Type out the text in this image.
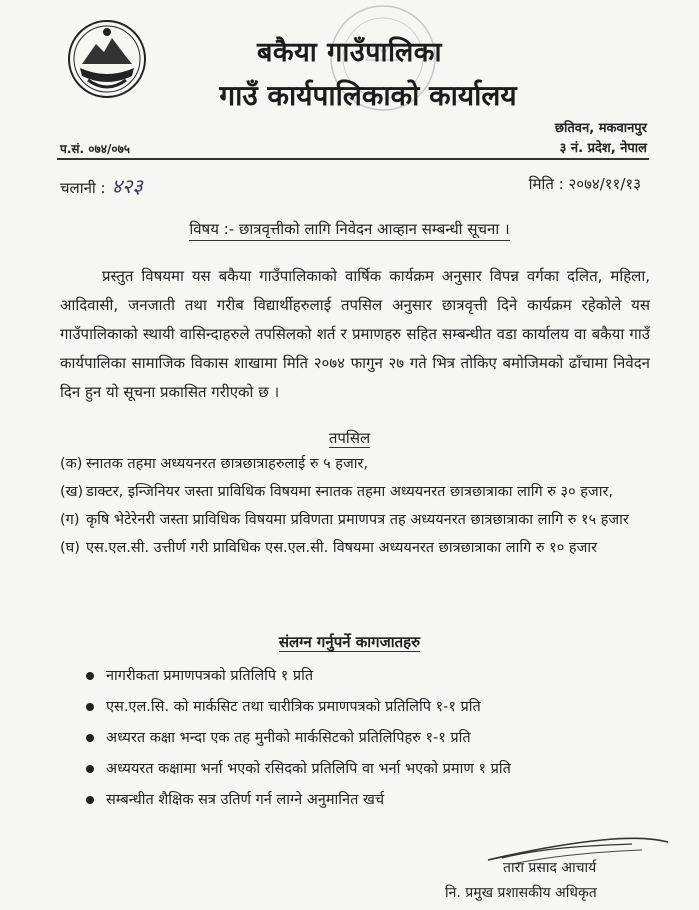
बकैया गाउँपालिका
गाउँ कार्यपालिकाको कार्यालय
छतिवन, मकवानपुर
प.सं. ०७४/०७५	३ नं. प्रदेश, नेपाल
चलानी : ४२३	मिति : २०७४/११/१३
विषय :- छात्रवृत्तीको लागि निवेदन आव्हान सम्बन्धी सूचना ।

प्रस्तुत विषयमा यस बकैया गाउँपालिकाको वार्षिक कार्यक्रम अनुसार विपन्न वर्गका दलित, महिला, आदिवासी, जनजाती तथा गरीब विद्यार्थीहरुलाई तपसिल अनुसार छात्रवृत्ती दिने कार्यक्रम रहेकोले यस गाउँपालिकाको स्थायी वासिन्दाहरुले तपसिलको शर्त र प्रमाणहरु सहित सम्बन्धीत वडा कार्यालय वा बकैया गाउँ कार्यपालिका सामाजिक विकास शाखामा मिति २०७४ फागुन २७ गते भित्र तोकिए बमोजिमको ढाँचामा निवेदन दिन हुन यो सूचना प्रकासित गरीएको छ ।

तपसिल
(क) स्नातक तहमा अध्ययनरत छात्रछात्राहरुलाई रु ५ हजार,
(ख) डाक्टर, इन्जिनियर जस्ता प्राविधिक विषयमा स्नातक तहमा अध्ययनरत छात्रछात्राका लागि रु ३० हजार,
(ग) कृषि भेटेरेनरी जस्ता प्राविधिक विषयमा प्रविणता प्रमाणपत्र तह अध्ययनरत छात्रछात्राका लागि रु १५ हजार
(घ) एस.एल.सी. उत्तीर्ण गरी प्राविधिक एस.एल.सी. विषयमा अध्ययनरत छात्रछात्राका लागि रु १० हजार
संलग्न गर्नुपर्ने कागजातहरु
नागरीकता प्रमाणपत्रको प्रतिलिपि १ प्रति
एस.एल.सि. को मार्कसिट तथा चारीत्रिक प्रमाणपत्रको प्रतिलिपि १-१ प्रति
अध्यरत कक्षा भन्दा एक तह मुनीको मार्कसिटको प्रतिलिपिहरु १-१ प्रति
अध्ययरत कक्षामा भर्ना भएको रसिदको प्रतिलिपि वा भर्ना भएको प्रमाण १ प्रति
सम्बन्धीत शैक्षिक सत्र उतिर्ण गर्न लाग्ने अनुमानित खर्च
तारा प्रसाद आचार्य
नि. प्रमुख प्रशासकीय अधिकृत
